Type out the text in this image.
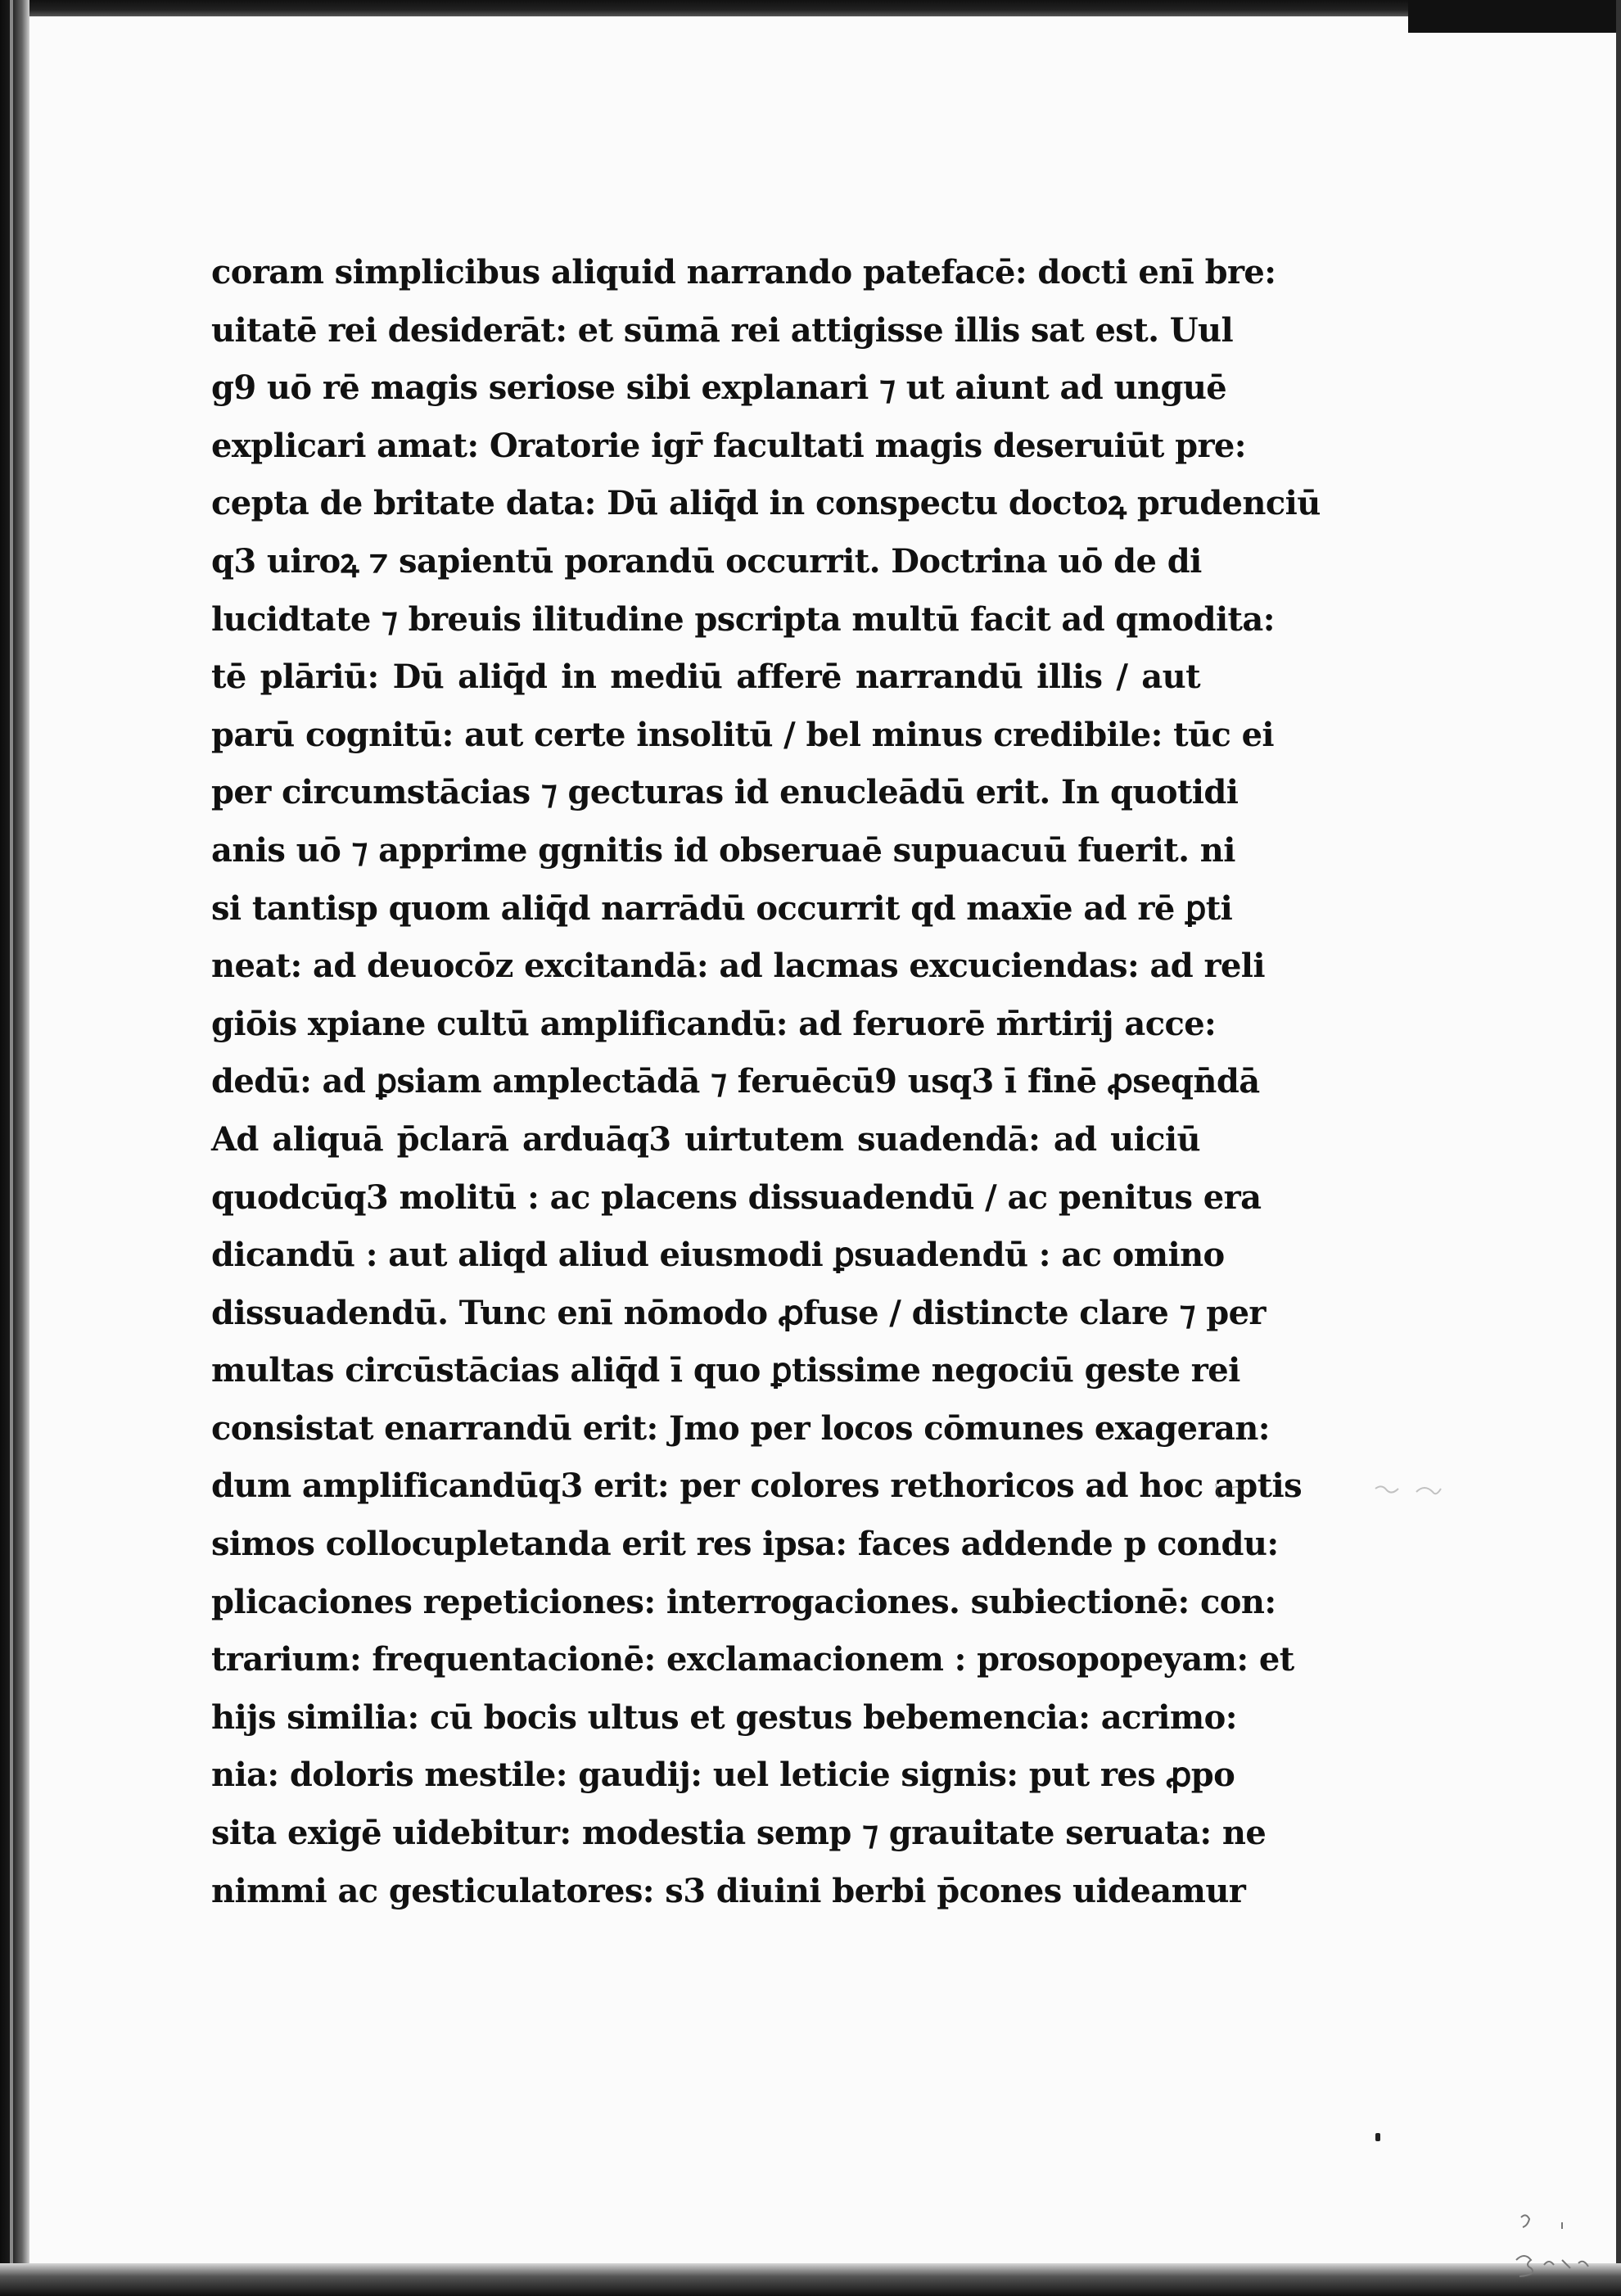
coram simplicibus aliquid narrando patefacē: docti enī bre:
uitatē rei desiderāt: et sūmā rei attigisse illis sat est. Uul
g9 uō rē magis seriose sibi explanari ⁊ ut aiunt ad unguē
explicari amat: Oratorie igr̄ facultati magis deseruiūt pre:
cepta de britate data: Dū aliq̄d in conspectu doctoꝝ prudenciū
q3 uiroꝝ ⁊ sapientū porandū occurrit. Doctrina uō de di
lucidtate ⁊ breuis ilitudine pscripta multū facit ad qmodita:
tē plāriū: Dū aliq̄d in mediū afferē narrandū illis / aut
parū cognitū: aut certe insolitū / bel minus credibile: tūc ei
per circumstācias ⁊ gecturas id enucleādū erit. In quotidi
anis uō ⁊ apprime ggnitis id obseruaē supuacuū fuerit. ni
si tantisp quom aliq̄d narrādū occurrit qd maxīe ad rē ꝑti
neat: ad deuocōz excitandā: ad lacmas excuciendas: ad reli
giōis xpiane cultū amplificandū: ad feruorē m̄rtirij acce:
dedū: ad ꝑsiam amplectādā ⁊ feruēcū9 usq3 ī finē ꝓseqn̄dā
Ad aliquā p̄clarā arduāq3 uirtutem suadendā: ad uiciū
quodcūq3 molitū : ac placens dissuadendū / ac penitus era
dicandū : aut aliqd aliud eiusmodi ꝑsuadendū : ac omino
dissuadendū. Tunc enī nōmodo ꝓfuse / distincte clare ⁊ per
multas circūstācias aliq̄d ī quo ꝑtissime negociū geste rei
consistat enarrandū erit: Jmo per locos cōmunes exageran:
dum amplificandūq3 erit: per colores rethoricos ad hoc aptis
simos collocupletanda erit res ipsa: faces addende p condu:
plicaciones repeticiones: interrogaciones. subiectionē: con:
trarium: frequentacionē: exclamacionem : prosopopeyam: et
hijs similia: cū bocis ultus et gestus bebemencia: acrimo:
nia: doloris mestile: gaudij: uel leticie signis: put res ꝓpo
sita exigē uidebitur: modestia semp ⁊ grauitate seruata: ne
nimmi ac gesticulatores: s3 diuini berbi p̄cones uideamur
